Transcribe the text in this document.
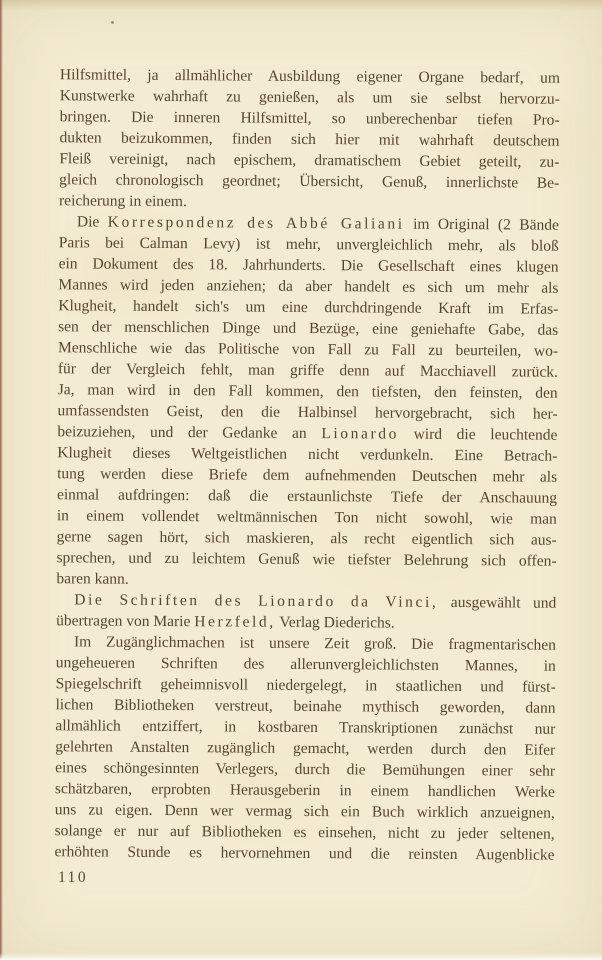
Hilfsmittel, ja allmählicher Ausbildung eigener Organe bedarf, um
Kunstwerke wahrhaft zu genießen, als um sie selbst hervorzu-
bringen. Die inneren Hilfsmittel, so unberechenbar tiefen Pro-
dukten beizukommen, finden sich hier mit wahrhaft deutschem
Fleiß vereinigt, nach epischem, dramatischem Gebiet geteilt, zu-
gleich chronologisch geordnet; Übersicht, Genuß, innerlichste Be-
reicherung in einem.
Die Korrespondenz des Abbé Galiani im Original (2 Bände
Paris bei Calman Levy) ist mehr, unvergleichlich mehr, als bloß
ein Dokument des 18. Jahrhunderts. Die Gesellschaft eines klugen
Mannes wird jeden anziehen; da aber handelt es sich um mehr als
Klugheit, handelt sich's um eine durchdringende Kraft im Erfas-
sen der menschlichen Dinge und Bezüge, eine geniehafte Gabe, das
Menschliche wie das Politische von Fall zu Fall zu beurteilen, wo-
für der Vergleich fehlt, man griffe denn auf Macchiavell zurück.
Ja, man wird in den Fall kommen, den tiefsten, den feinsten, den
umfassendsten Geist, den die Halbinsel hervorgebracht, sich her-
beizuziehen, und der Gedanke an Lionardo wird die leuchtende
Klugheit dieses Weltgeistlichen nicht verdunkeln. Eine Betrach-
tung werden diese Briefe dem aufnehmenden Deutschen mehr als
einmal aufdringen: daß die erstaunlichste Tiefe der Anschauung
in einem vollendet weltmännischen Ton nicht sowohl, wie man
gerne sagen hört, sich maskieren, als recht eigentlich sich aus-
sprechen, und zu leichtem Genuß wie tiefster Belehrung sich offen-
baren kann.
Die Schriften des Lionardo da Vinci, ausgewählt und
übertragen von Marie Herzfeld, Verlag Diederichs.
Im Zugänglichmachen ist unsere Zeit groß. Die fragmentarischen
ungeheueren Schriften des allerunvergleichlichsten Mannes, in
Spiegelschrift geheimnisvoll niedergelegt, in staatlichen und fürst-
lichen Bibliotheken verstreut, beinahe mythisch geworden, dann
allmählich entziffert, in kostbaren Transkriptionen zunächst nur
gelehrten Anstalten zugänglich gemacht, werden durch den Eifer
eines schöngesinnten Verlegers, durch die Bemühungen einer sehr
schätzbaren, erprobten Herausgeberin in einem handlichen Werke
uns zu eigen. Denn wer vermag sich ein Buch wirklich anzueignen,
solange er nur auf Bibliotheken es einsehen, nicht zu jeder seltenen,
erhöhten Stunde es hervornehmen und die reinsten Augenblicke
110
